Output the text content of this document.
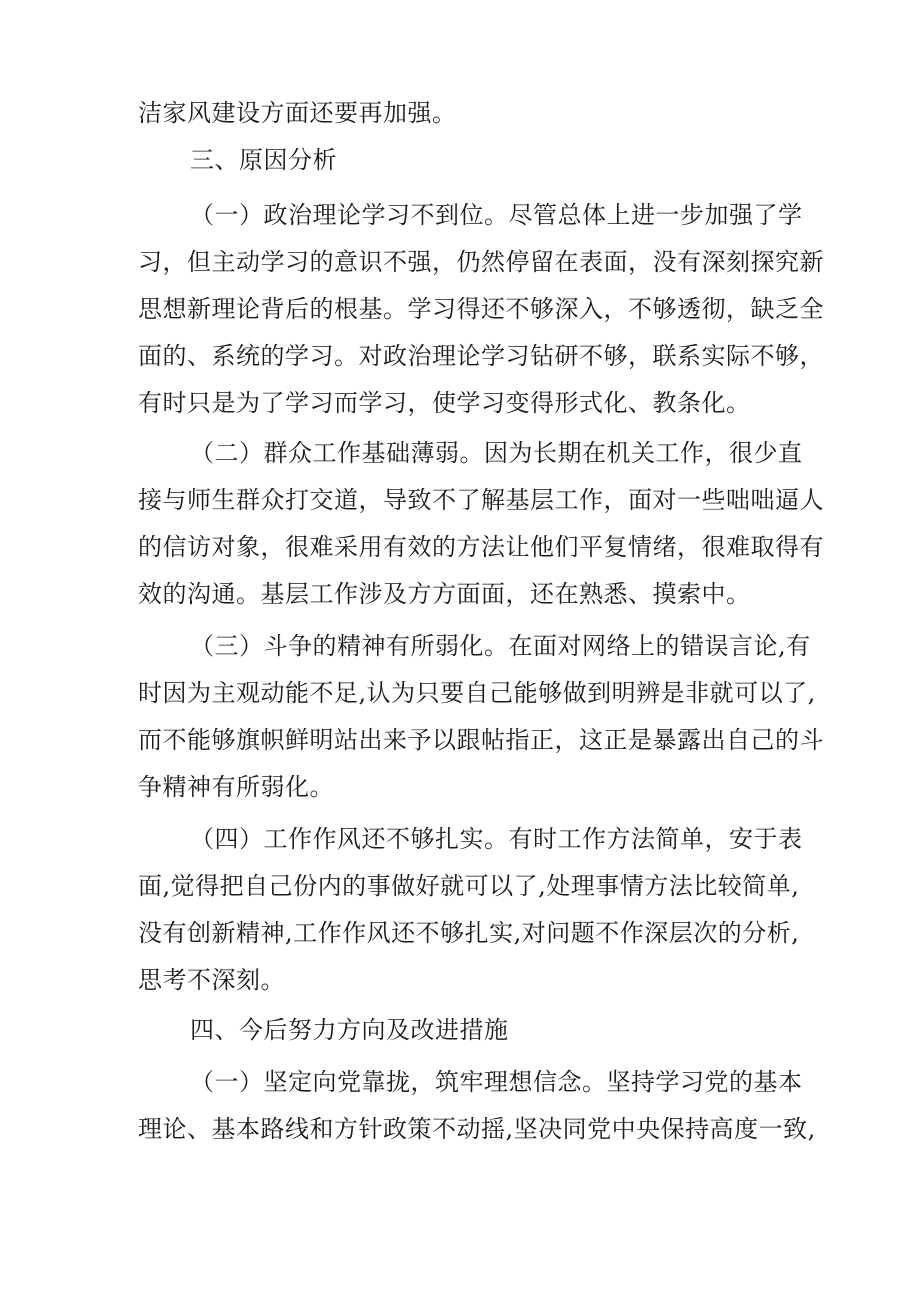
洁家风建设方面还要再加强。
三、原因分析
（一）政治理论学习不到位。尽管总体上进一步加强了学
习，但主动学习的意识不强，仍然停留在表面，没有深刻探究新
思想新理论背后的根基。学习得还不够深入，不够透彻，缺乏全
面的、系统的学习。对政治理论学习钻研不够，联系实际不够，
有时只是为了学习而学习，使学习变得形式化、教条化。
（二）群众工作基础薄弱。因为长期在机关工作，很少直
接与师生群众打交道，导致不了解基层工作，面对一些咄咄逼人
的信访对象，很难采用有效的方法让他们平复情绪，很难取得有
效的沟通。基层工作涉及方方面面，还在熟悉、摸索中。
（三）斗争的精神有所弱化。在面对网络上的错误言论,有
时因为主观动能不足,认为只要自己能够做到明辨是非就可以了,
而不能够旗帜鲜明站出来予以跟帖指正，这正是暴露出自己的斗
争精神有所弱化。
（四）工作作风还不够扎实。有时工作方法简单，安于表
面,觉得把自己份内的事做好就可以了,处理事情方法比较简单,
没有创新精神,工作作风还不够扎实,对问题不作深层次的分析,
思考不深刻。
四、今后努力方向及改进措施
（一）坚定向党靠拢，筑牢理想信念。坚持学习党的基本
理论、基本路线和方针政策不动摇,坚决同党中央保持高度一致,
